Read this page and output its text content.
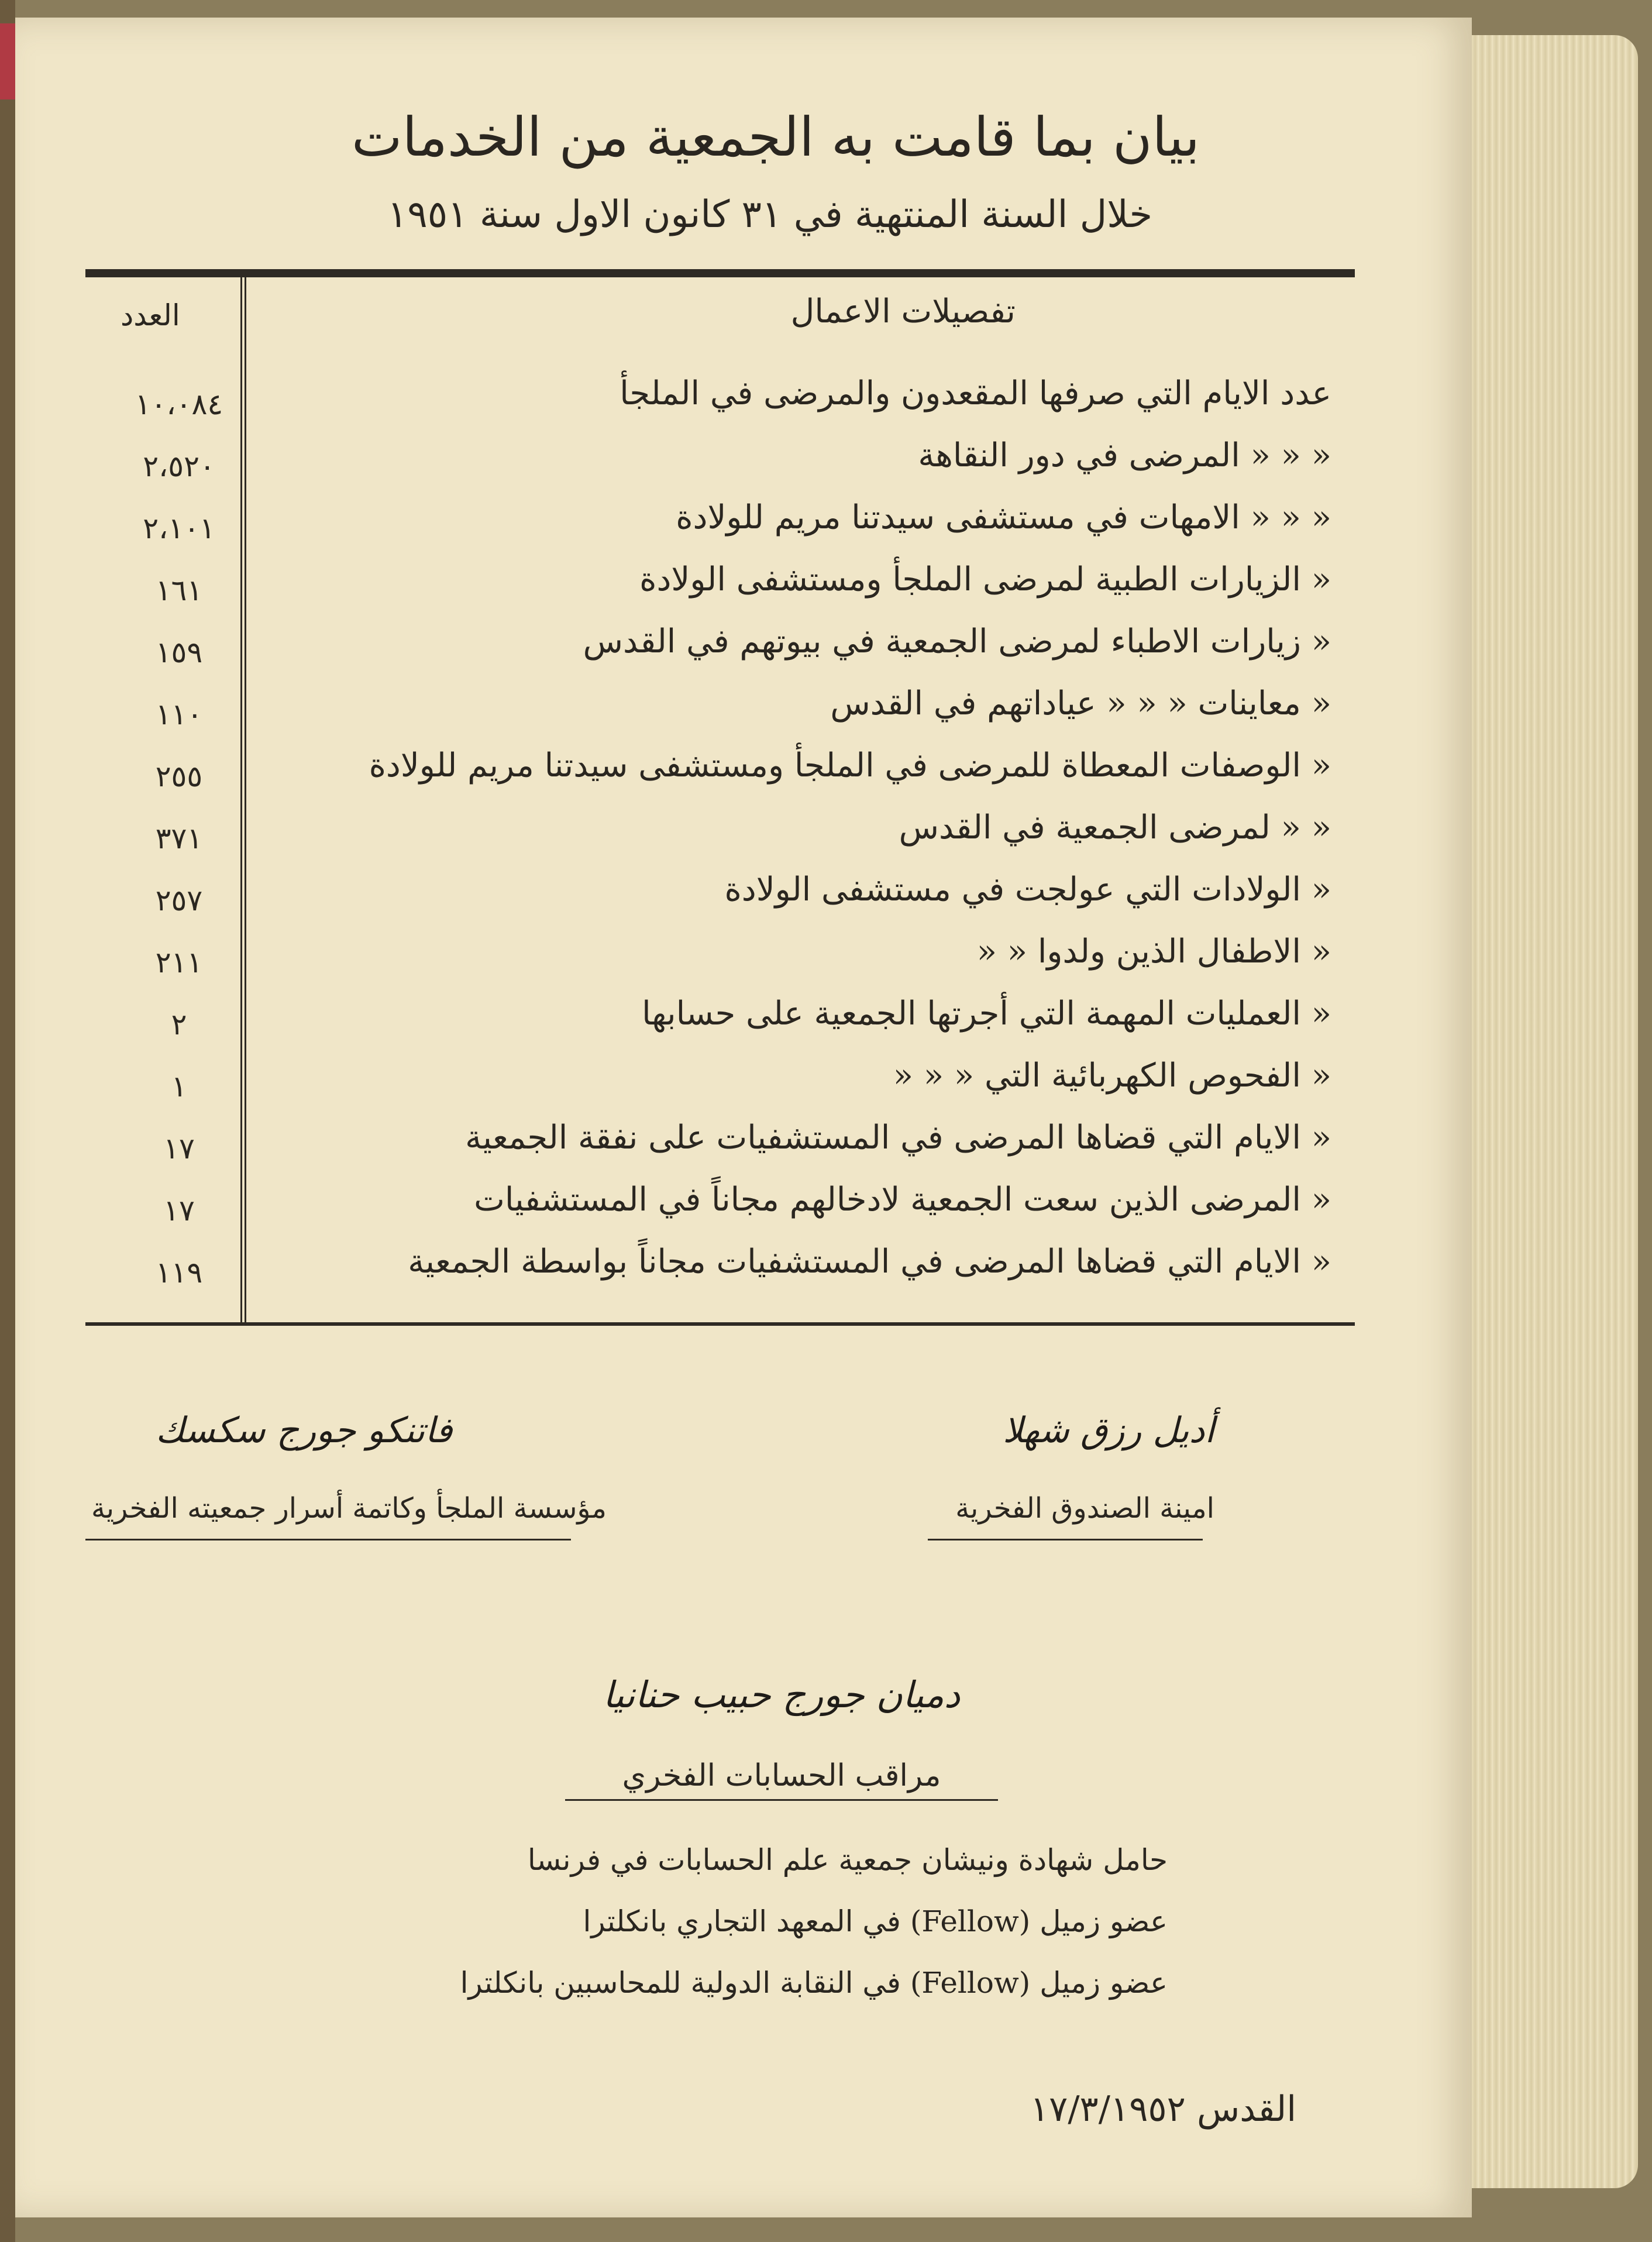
بيان بما قامت به الجمعية من الخدمات
خلال السنة المنتهية في ٣١ كانون الاول سنة ١٩٥١
تفصيلات الاعمال
العدد
عدد الايام التي صرفها المقعدون والمرضى في الملجأ
١٠،٠٨٤
« « « المرضى في دور النقاهة
٢،٥٢٠
« « « الامهات في مستشفى سيدتنا مريم للولادة
٢،١٠١
« الزيارات الطبية لمرضى الملجأ ومستشفى الولادة
١٦١
« زيارات الاطباء لمرضى الجمعية في بيوتهم في القدس
١٥٩
« معاينات « « « عياداتهم في القدس
١١٠
« الوصفات المعطاة للمرضى في الملجأ ومستشفى سيدتنا مريم للولادة
٢٥٥
« « لمرضى الجمعية في القدس
٣٧١
« الولادات التي عولجت في مستشفى الولادة
٢٥٧
« الاطفال الذين ولدوا « «
٢١١
« العمليات المهمة التي أجرتها الجمعية على حسابها
٢
« الفحوص الكهربائية التي « « «
١
« الايام التي قضاها المرضى في المستشفيات على نفقة الجمعية
١٧
« المرضى الذين سعت الجمعية لادخالهم مجاناً في المستشفيات
١٧
« الايام التي قضاها المرضى في المستشفيات مجاناً بواسطة الجمعية
١١٩
أديل رزق شهلا
امينة الصندوق الفخرية
فاتنكو جورج سكسك
مؤسسة الملجأ وكاتمة أسرار جمعيته الفخرية
دميان جورج حبيب حنانيا
مراقب الحسابات الفخري
حامل شهادة ونيشان جمعية علم الحسابات في فرنسا
عضو زميل (Fellow) في المعهد التجاري بانكلترا
عضو زميل (Fellow) في النقابة الدولية للمحاسبين بانكلترا
القدس ١٧/٣/١٩٥٢
